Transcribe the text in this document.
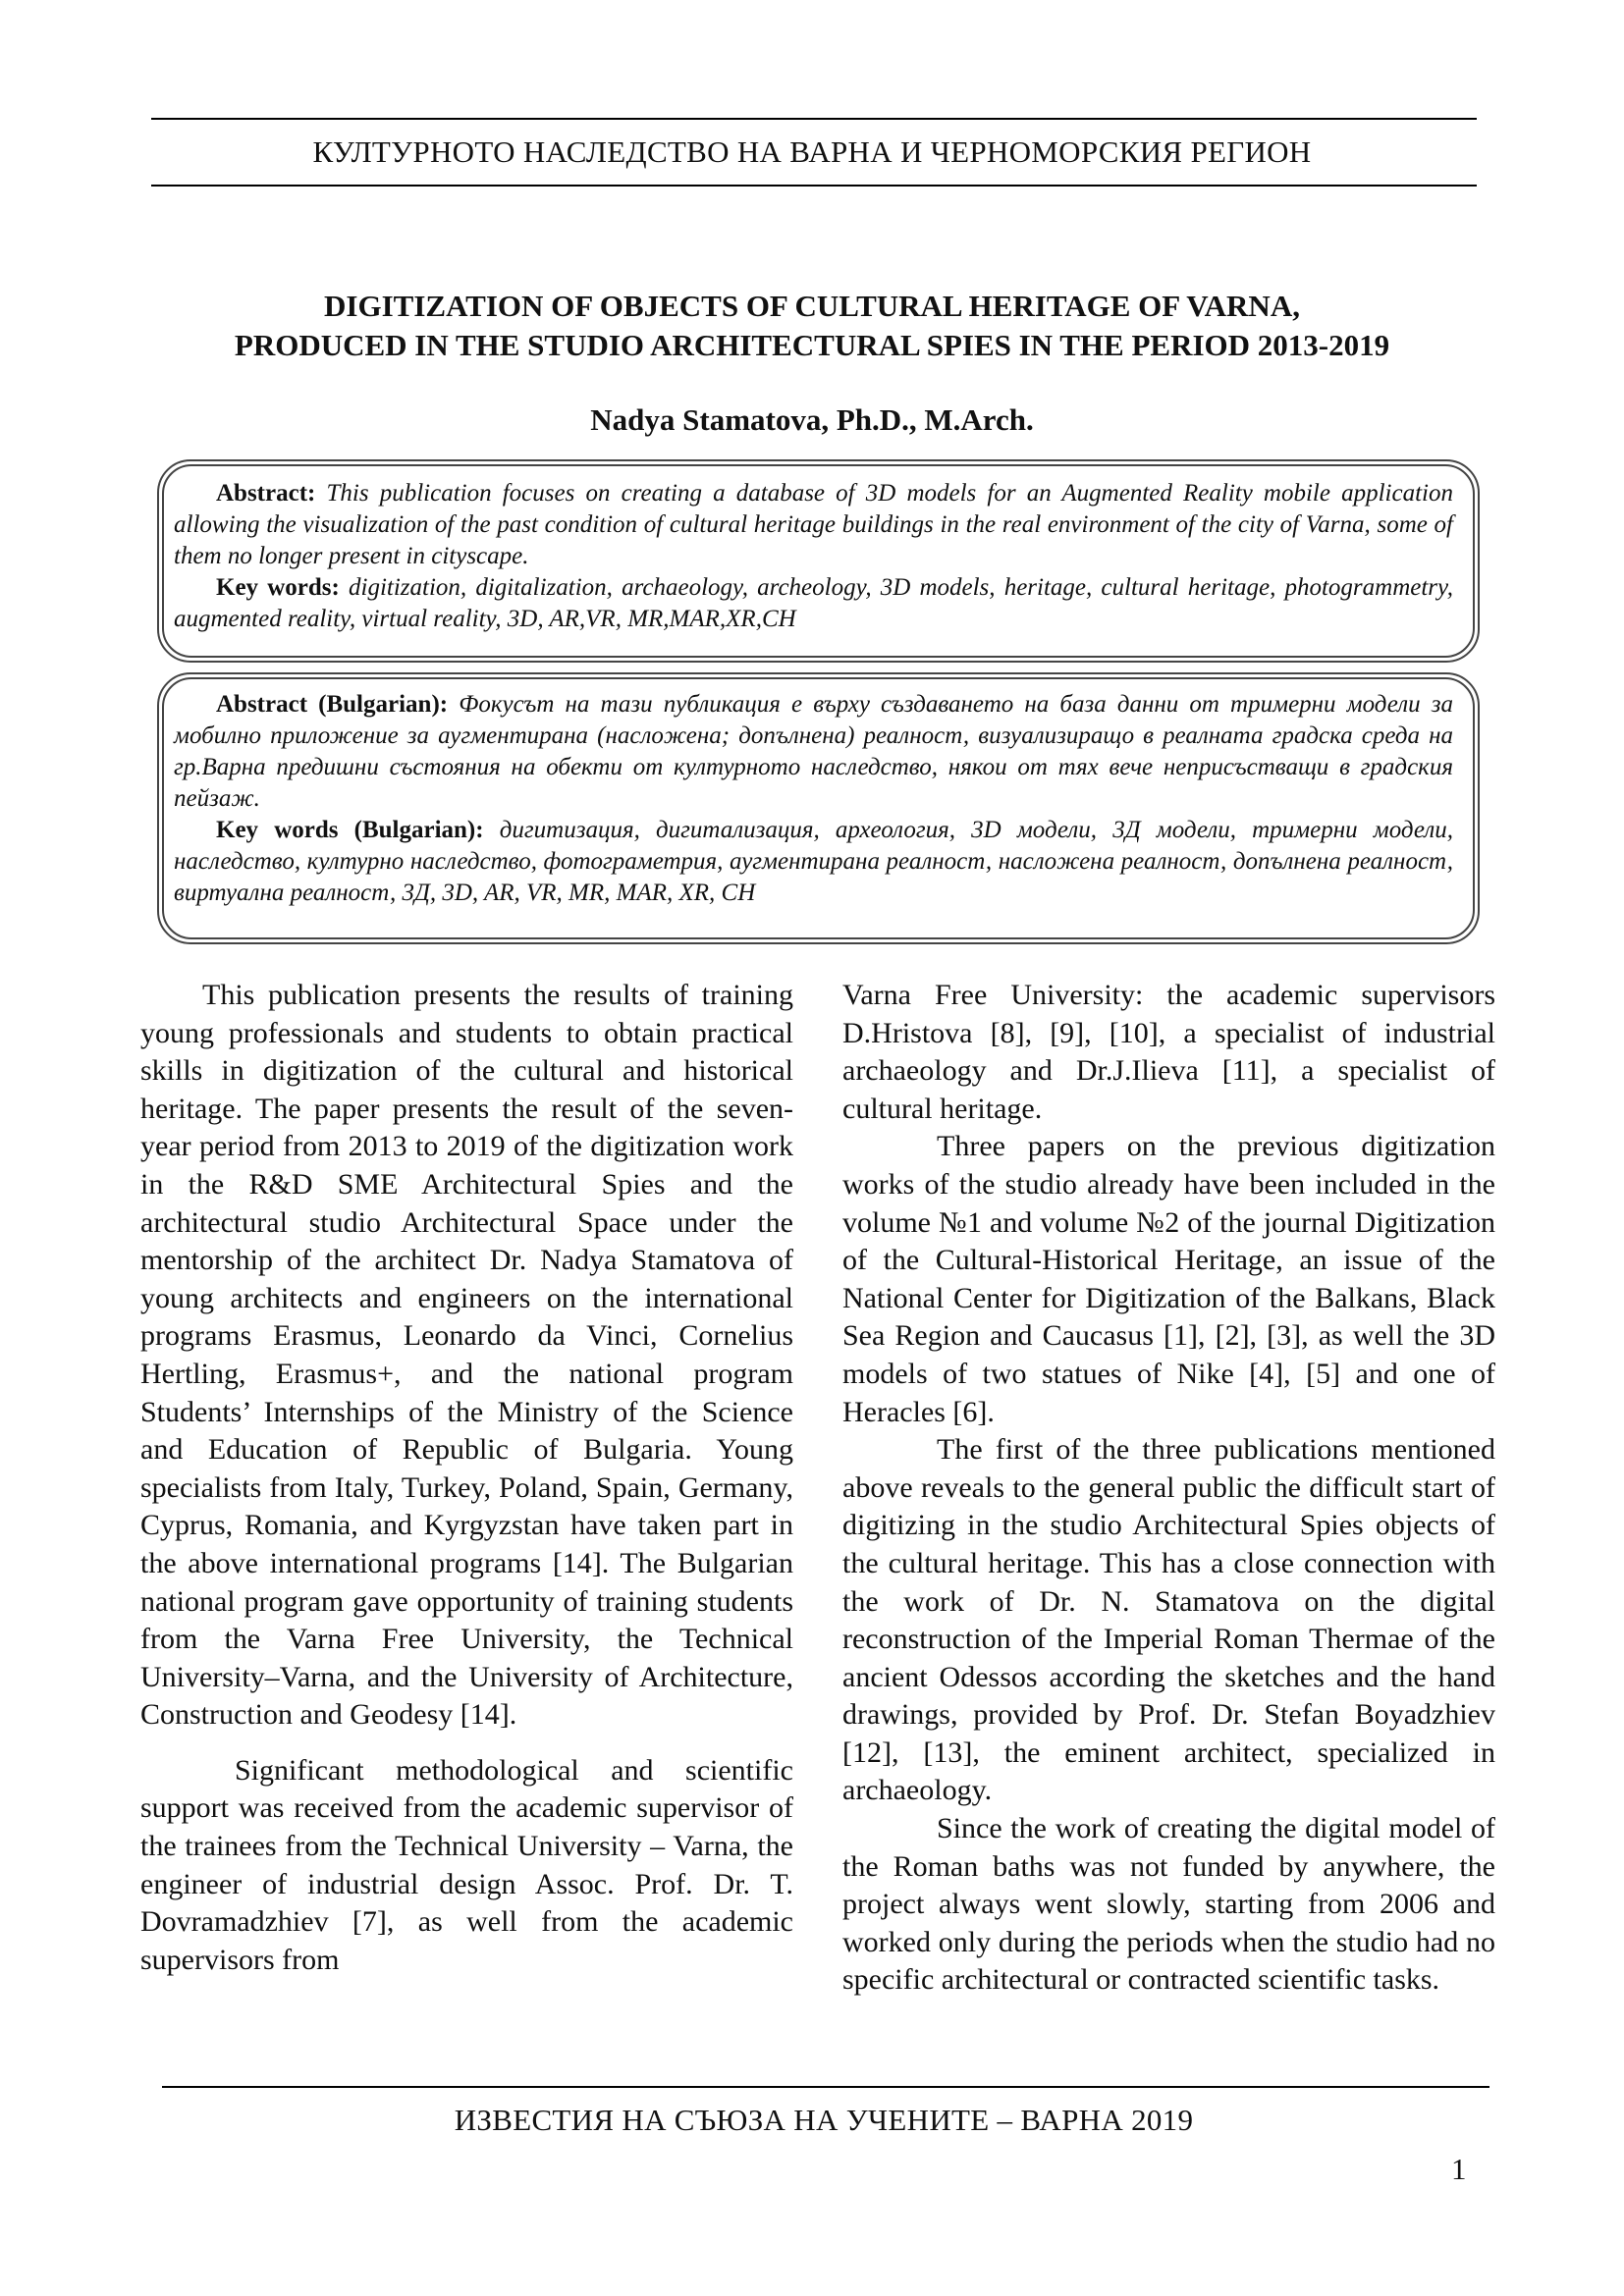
КУЛТУРНОТО НАСЛЕДСТВО НА ВАРНА И ЧЕРНОМОРСКИЯ РЕГИОН
DIGITIZATION OF OBJECTS OF CULTURAL HERITAGE OF VARNA,
PRODUCED IN THE STUDIO ARCHITECTURAL SPIES IN THE PERIOD 2013-2019
Nadya Stamatova, Ph.D., M.Arch.

Abstract: This publication focuses on creating a database of 3D models for an Augmented Reality mobile application allowing the visualization of the past condition of cultural heritage buildings in the real environment of the city of Varna, some of them no longer present in cityscape.

Key words: digitization, digitalization, archaeology, archeology, 3D models, heritage, cultural heritage, photogrammetry, augmented reality, virtual reality, 3D, AR,VR, MR,MAR,XR,CH

Abstract (Bulgarian): Фокусът на тази публикация е върху създаването на база данни от тримерни модели за мобилно приложение за аугментирана (наслoжена; допълнена) реалност, визуализиращо в реалната градска среда на гр.Варна предишни състояния на обекти от културното наследство, някои от тях вече неприсъстващи в градския пейзаж.

Key words (Bulgarian): дигитизация, дигитализация, археология, 3D модели, 3Д модели, тримерни модели, наследство, културно наследство, фотограметрия, аугментирана реалност, наслoжена реалност, допълнена реалност, виртуална реалност, 3Д, 3D, AR, VR, MR, MAR, XR, CH

This publication presents the results of training young professionals and students to obtain practical skills in digitization of the cultural and historical heritage. The paper presents the result of the seven-year period from 2013 to 2019 of the digitization work in the R&D SME Architectural Spies and the architectural studio Architectural Space under the mentorship of the architect Dr. Nadya Stamatova of young architects and engineers on the international programs Erasmus, Leonardo da Vinci, Cornelius Hertling, Erasmus+, and the national program Students’ Internships of the Ministry of the Science and Education of Republic of Bulgaria. Young specialists from Italy, Turkey, Poland, Spain, Germany, Cyprus, Romania, and Kyrgyzstan have taken part in the above international programs [14]. The Bulgarian national program gave opportunity of training students from the Varna Free University, the Technical University–Varna, and the University of Architecture, Construction and Geodesy [14].

Significant methodological and scientific support was received from the academic supervisor of the trainees from the Technical University – Varna, the engineer of industrial design Assoc. Prof. Dr. T. Dovramadzhiev [7], as well from the academic supervisors from

Varna Free University: the academic supervisors D.Hristova [8], [9], [10], a specialist of industrial archaeology and Dr.J.Ilieva [11], a specialist of cultural heritage.

Three papers on the previous digitization works of the studio already have been included in the volume №1 and volume №2 of the journal Digitization of the Cultural-Historical Heritage, an issue of the National Center for Digitization of the Balkans, Black Sea Region and Caucasus [1], [2], [3], as well the 3D models of two statues of Nike [4], [5] and one of Heracles [6].

The first of the three publications mentioned above reveals to the general public the difficult start of digitizing in the studio Architectural Spies objects of the cultural heritage. This has a close connection with the work of Dr. N. Stamatova on the digital reconstruction of the Imperial Roman Thermae of the ancient Odessos according the sketches and the hand drawings, provided by Prof. Dr. Stefan Boyadzhiev [12], [13], the eminent architect, specialized in archaeology.

Since the work of creating the digital model of the Roman baths was not funded by anywhere, the project always went slowly, starting from 2006 and worked only during the periods when the studio had no specific architectural or contracted scientific tasks.

ИЗВЕСТИЯ НА СЪЮЗА НА УЧЕНИТЕ – ВАРНА 2019
1
